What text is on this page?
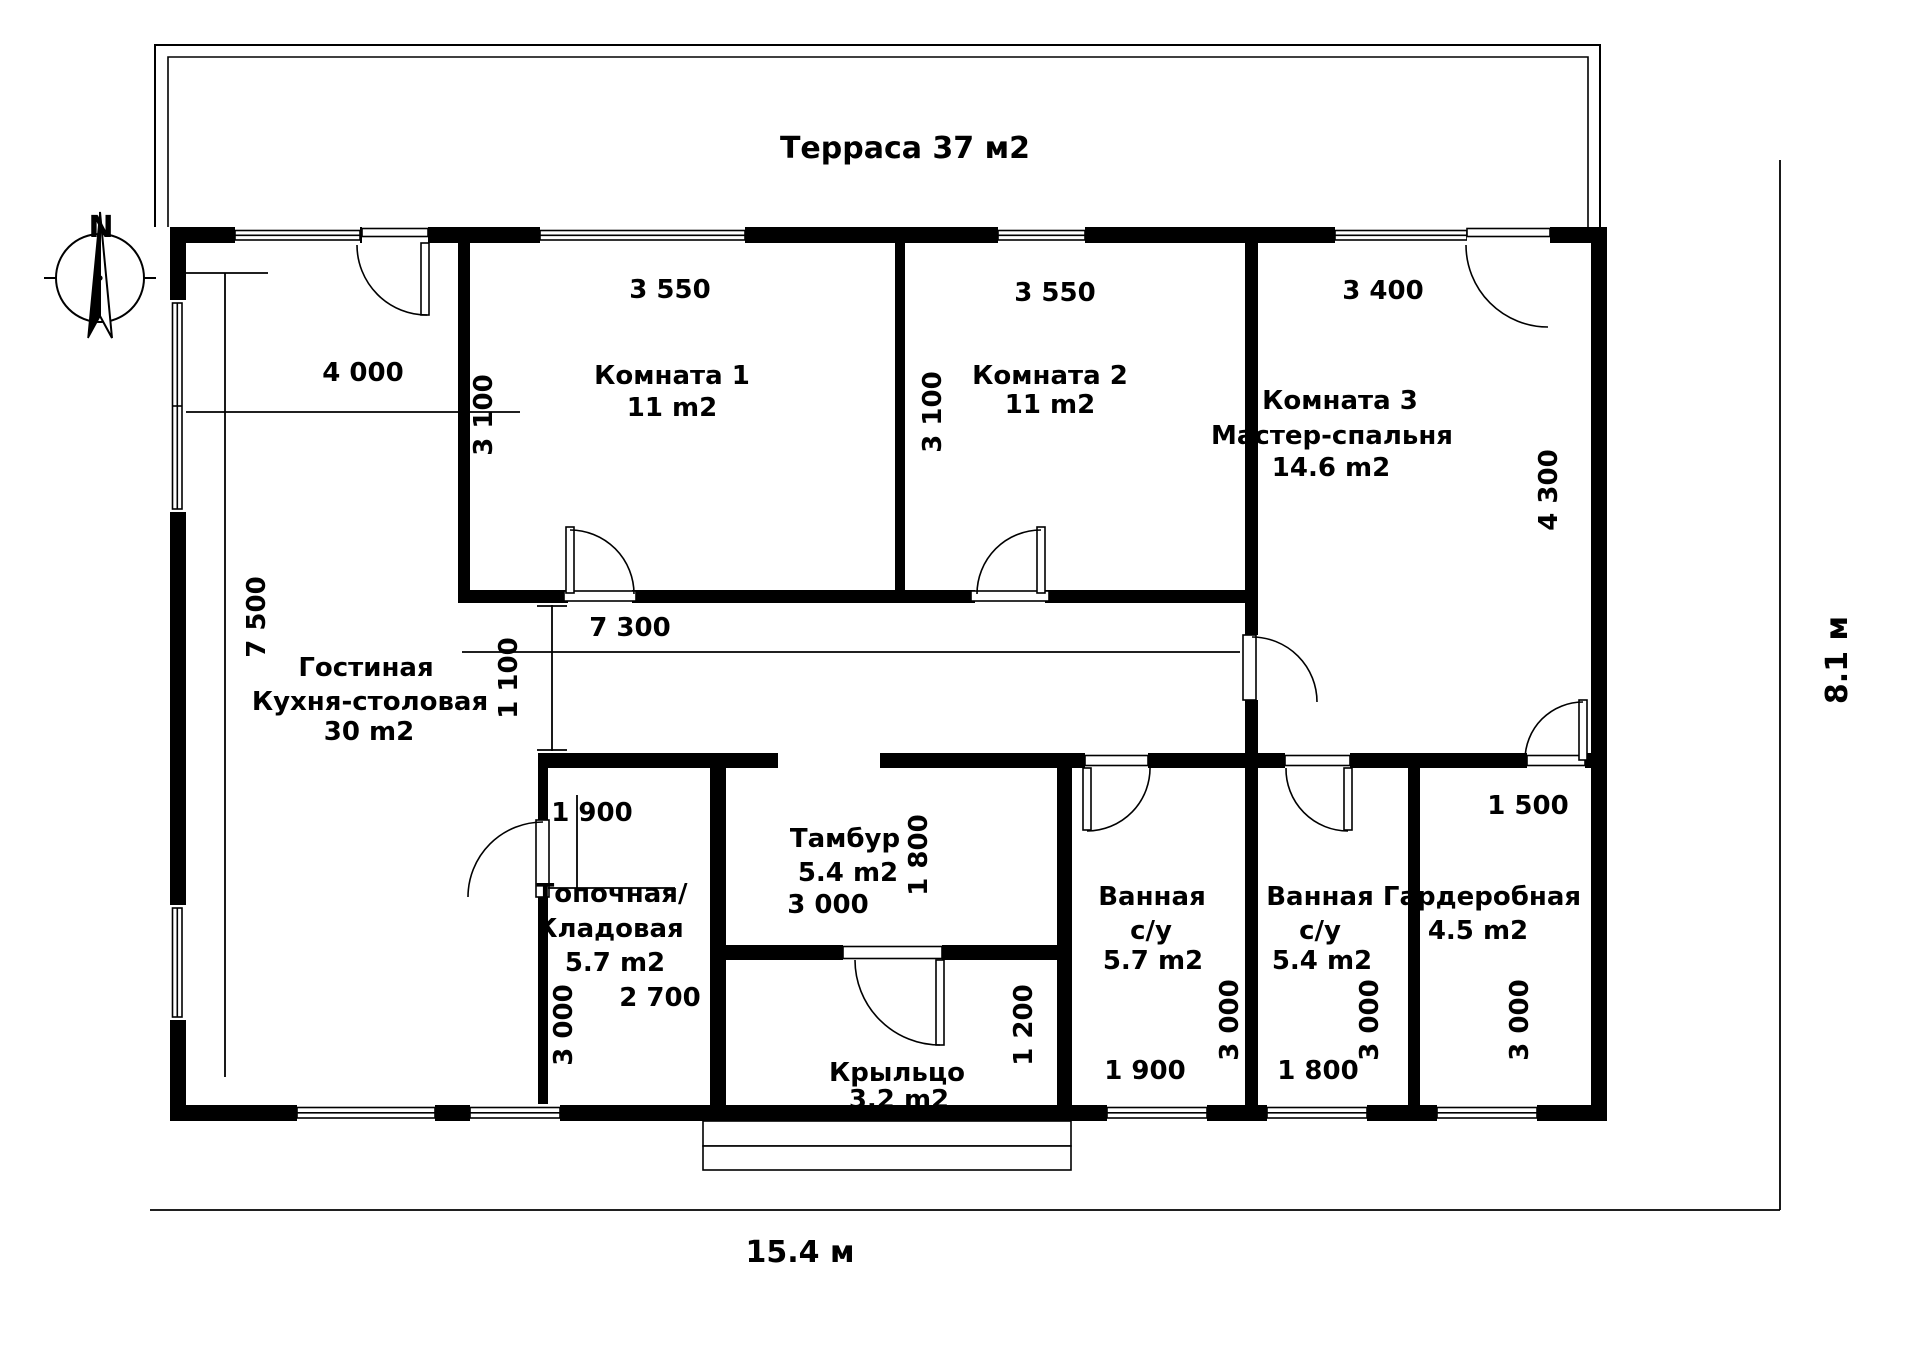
N
Терраса 37 м2
Гостиная
Кухня-столовая
30 m2
4 000
7 500
Комната 1
11 m2
3 550
3 100	Комната 2
11 m2
3 550
3 100	Комната 3
Мастер-спальня
14.6 m2
3 400
4 300
7 300
1 100
Топочная/
Кладовая
5.7 m2
1 900
3 000
Тамбур
5.4 m2
3 000
1 800
Крыльцо
3.2 m2
2 700	1 200
Ванная
с/у
5.7 m2
1 900
3 000
Ванная
с/у
5.4 m2
1 800
3 000
Гардеробная
4.5 m2
1 500
3 000
15.4 м
8.1 м
